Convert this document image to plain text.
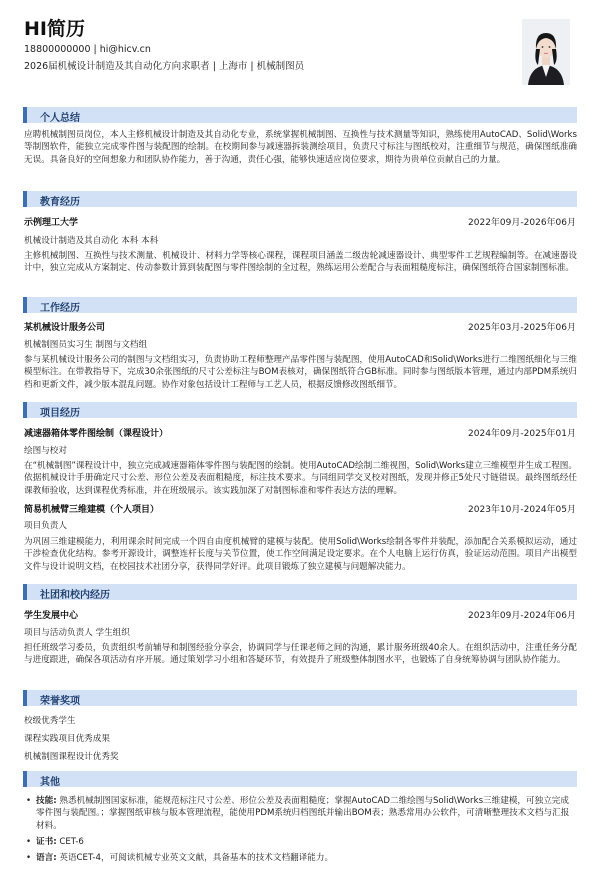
HI简历
18800000000 | hi@hicv.cn
2026届机械设计制造及其自动化方向求职者 | 上海市 | 机械制图员
个人总结
应聘机械制图员岗位，本人主修机械设计制造及其自动化专业，系统掌握机械制图、互换性与技术测量等知识，熟练使用AutoCAD、Solid\Works等制图软件，能独立完成零件图与装配图的绘制。在校期间参与减速器拆装测绘项目，负责尺寸标注与图纸校对，注重细节与规范，确保图纸准确无误。具备良好的空间想象力和团队协作能力，善于沟通，责任心强，能够快速适应岗位要求，期待为贵单位贡献自己的力量。
教育经历
示例理工大学	2022年09月-2026年06月
机械设计制造及其自动化 本科 本科
主修机械制图、互换性与技术测量、机械设计、材料力学等核心课程，课程项目涵盖二级齿轮减速器设计、典型零件工艺规程编制等。在减速器设计中，独立完成从方案制定、传动参数计算到装配图与零件图绘制的全过程，熟练运用公差配合与表面粗糙度标注，确保图纸符合国家制图标准。
工作经历
某机械设计服务公司	2025年03月-2025年06月
机械制图员实习生 制图与文档组
参与某机械设计服务公司的制图与文档组实习，负责协助工程师整理产品零件图与装配图，使用AutoCAD和Solid\Works进行二维图纸细化与三维模型标注。在带教指导下，完成30余张图纸的尺寸公差标注与BOM表核对，确保图纸符合GB标准。同时参与图纸版本管理，通过内部PDM系统归档和更新文件，减少版本混乱问题。协作对象包括设计工程师与工艺人员，根据反馈修改图纸细节。
项目经历
减速器箱体零件图绘制（课程设计）	2024年09月-2025年01月
绘图与校对
在“机械制图”课程设计中，独立完成减速器箱体零件图与装配图的绘制。使用AutoCAD绘制二维视图，Solid\Works建立三维模型并生成工程图。依据机械设计手册确定尺寸公差、形位公差及表面粗糙度，标注技术要求。与同组同学交叉校对图纸，发现并修正5处尺寸链错误。最终图纸经任课教师验收，达到课程优秀标准，并在班级展示。该实践加深了对制图标准和零件表达方法的理解。
简易机械臂三维建模（个人项目）	2023年10月-2024年05月
项目负责人
为巩固三维建模能力，利用课余时间完成一个四自由度机械臂的建模与装配。使用Solid\Works绘制各零件并装配，添加配合关系模拟运动，通过干涉检查优化结构。参考开源设计，调整连杆长度与关节位置，使工作空间满足设定要求。在个人电脑上运行仿真，验证运动范围。项目产出模型文件与设计说明文档，在校园技术社团分享，获得同学好评。此项目锻炼了独立建模与问题解决能力。
社团和校内经历
学生发展中心	2023年09月-2024年06月
项目与活动负责人 学生组织
担任班级学习委员，负责组织考前辅导和制图经验分享会，协调同学与任课老师之间的沟通，累计服务班级40余人。在组织活动中，注重任务分配与进度跟进，确保各项活动有序开展。通过策划学习小组和答疑环节，有效提升了班级整体制图水平，也锻炼了自身统筹协调与团队协作能力。
荣誉奖项
校级优秀学生
课程实践项目优秀成果
机械制图课程设计优秀奖
其他
• 技能: 熟悉机械制图国家标准，能规范标注尺寸公差、形位公差及表面粗糙度；掌握AutoCAD二维绘图与Solid\Works三维建模，可独立完成零件图与装配图。；掌握图纸审核与版本管理流程，能使用PDM系统归档图纸并输出BOM表；熟悉常用办公软件，可清晰整理技术文档与汇报材料。
• 证书: CET-6
• 语言: 英语CET-4，可阅读机械专业英文文献，具备基本的技术文档翻译能力。
